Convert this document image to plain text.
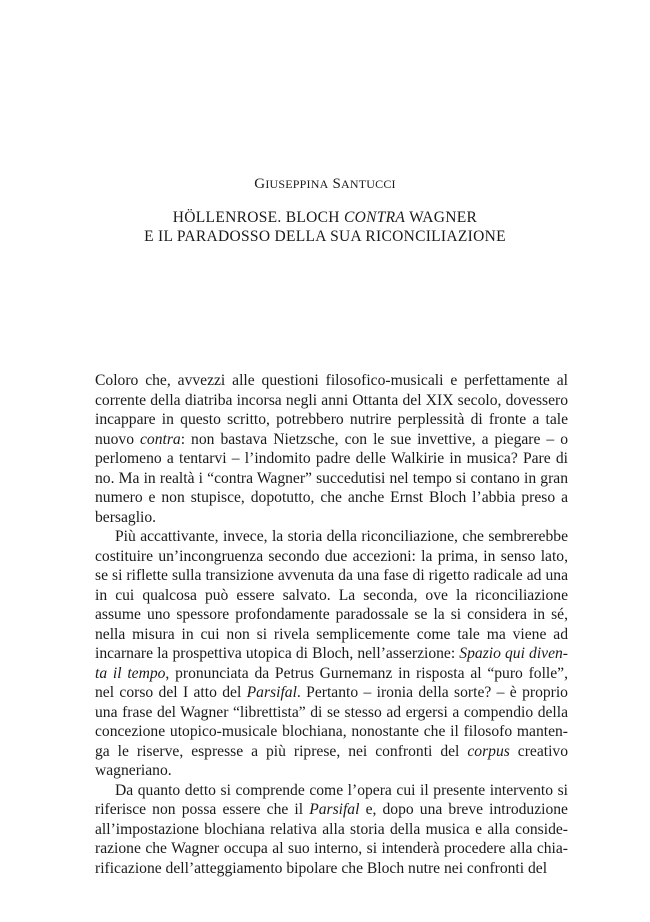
GIUSEPPINA SANTUCCI
HÖLLENROSE. BLOCH CONTRA WAGNER
E IL PARADOSSO DELLA SUA RICONCILIAZIONE

Coloro che, avvezzi alle questioni filosofico-musicali e perfettamente al corrente della diatriba incorsa negli anni Ottanta del XIX secolo, dovessero incappare in questo scritto, potrebbero nutrire perplessità di fronte a tale nuovo contra: non bastava Nietzsche, con le sue invettive, a piegare – o perlomeno a tentarvi – l’indomito padre delle Walkirie in musica? Pare di no. Ma in realtà i “contra Wagner” succedutisi nel tempo si contano in gran numero e non stupisce, dopotutto, che anche Ernst Bloch l’abbia preso a bersaglio.

Più accattivante, invece, la storia della riconciliazione, che sembrerebbe costituire un’incongruenza secondo due accezioni: la prima, in senso lato, se si riflette sulla transizione avvenuta da una fase di rigetto radicale ad una in cui qualcosa può essere salvato. La seconda, ove la riconciliazione assume uno spessore profondamente paradossale se la si considera in sé, nella misura in cui non si rivela semplicemente come tale ma viene ad incarnare la prospettiva utopica di Bloch, nell’asserzione: Spazio qui diventa il tempo, pronunciata da Petrus Gurnemanz in risposta al “puro folle”, nel corso del I atto del Parsifal. Pertanto – ironia della sorte? – è proprio una frase del Wagner “librettista” di se stesso ad ergersi a compendio della concezione utopico-musicale blochiana, nonostante che il filosofo mantenga le riserve, espresse a più riprese, nei confronti del corpus creativo wagneriano.

Da quanto detto si comprende come l’opera cui il presente intervento si riferisce non possa essere che il Parsifal e, dopo una breve introduzione all’impostazione blochiana relativa alla storia della musica e alla considerazione che Wagner occupa al suo interno, si intenderà procedere alla chiarificazione dell’atteggiamento bipolare che Bloch nutre nei confronti del
